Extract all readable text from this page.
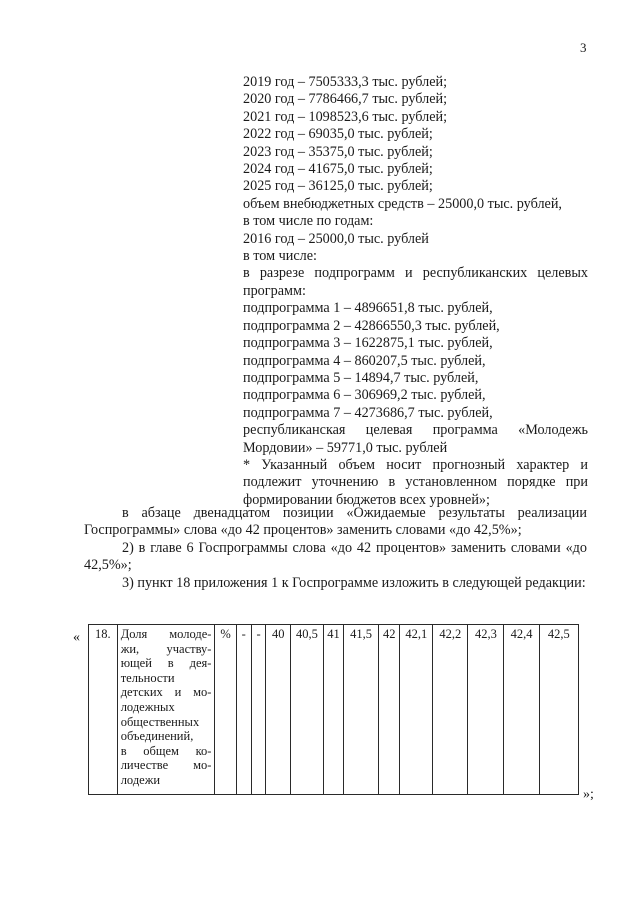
3
2019 год – 7505333,3 тыс. рублей;
2020 год – 7786466,7 тыс. рублей;
2021 год – 1098523,6 тыс. рублей;
2022 год – 69035,0 тыс. рублей;
2023 год – 35375,0 тыс. рублей;
2024 год – 41675,0 тыс. рублей;
2025 год – 36125,0 тыс. рублей;
объем внебюджетных средств – 25000,0 тыс. рублей,
в том числе по годам:
2016 год – 25000,0 тыс. рублей
в том числе:
в разрезе подпрограмм и республиканских целевых программ:
подпрограмма 1 – 4896651,8 тыс. рублей,
подпрограмма 2 – 42866550,3 тыс. рублей,
подпрограмма 3 – 1622875,1 тыс. рублей,
подпрограмма 4 – 860207,5 тыс. рублей,
подпрограмма 5 – 14894,7 тыс. рублей,
подпрограмма 6 – 306969,2 тыс. рублей,
подпрограмма 7 – 4273686,7 тыс. рублей,
республиканская целевая программа «Молодежь Мордовии» – 59771,0 тыс. рублей
* Указанный объем носит прогнозный характер и подлежит уточнению в установленном порядке при формировании бюджетов всех уровней»;
в абзаце двенадцатом позиции «Ожидаемые результаты реализации Госпрограммы» слова «до 42 процентов» заменить словами «до 42,5%»;
2) в главе 6 Госпрограммы слова «до 42 процентов» заменить словами «до 42,5%»;
3) пункт 18 приложения 1 к Госпрограмме изложить в следующей редакции:
«
»;
18.	Доля молоде-
жи, участву-
ющей в дея-
тельности
детских и мо-
лодежных
общественных
объединений,
в общем ко-
личестве мо-
лодежи
	%	-	-	40	40,5	41	41,5	42	42,1	42,2	42,3	42,4	42,5
